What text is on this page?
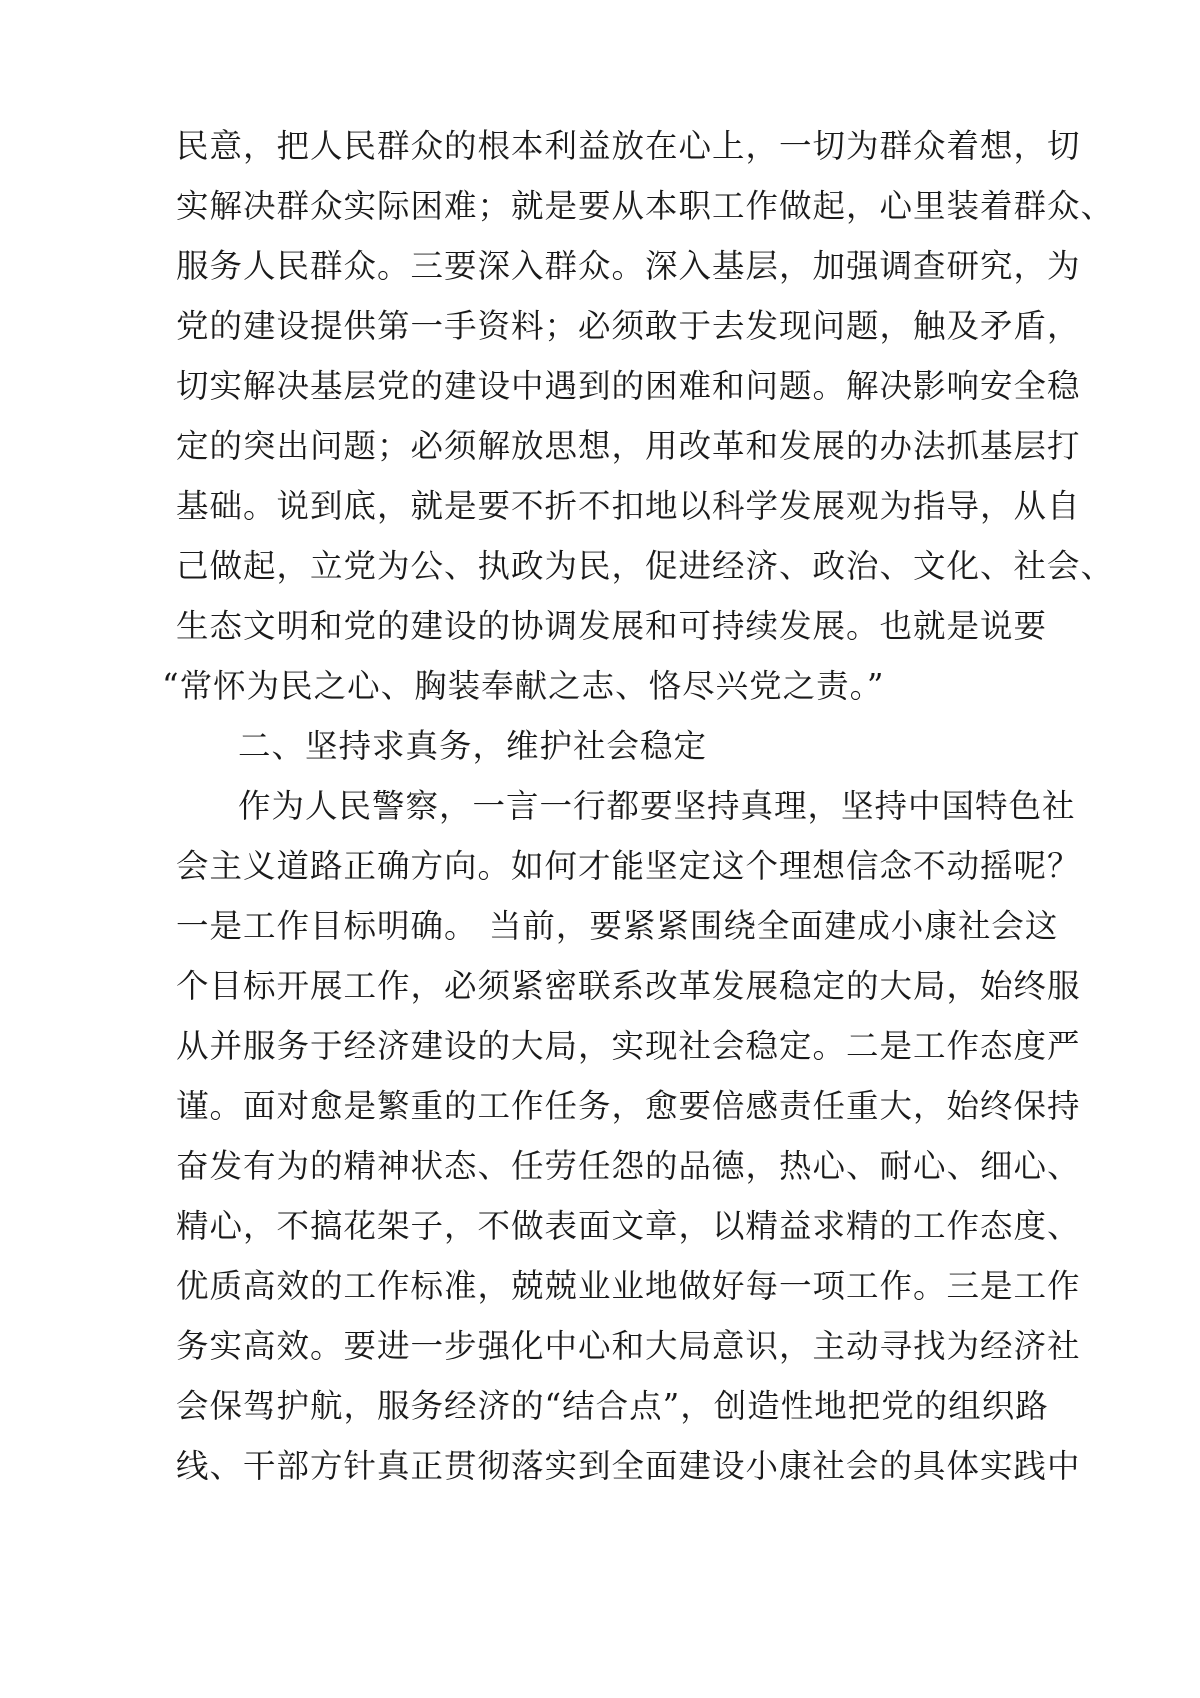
民意，把人民群众的根本利益放在心上，一切为群众着想，切
实解决群众实际困难；就是要从本职工作做起，心里装着群众、
服务人民群众。三要深入群众。深入基层，加强调查研究，为
党的建设提供第一手资料；必须敢于去发现问题，触及矛盾，
切实解决基层党的建设中遇到的困难和问题。解决影响安全稳
定的突出问题；必须解放思想，用改革和发展的办法抓基层打
基础。说到底，就是要不折不扣地以科学发展观为指导，从自
己做起，立党为公、执政为民，促进经济、政治、文化、社会、
生态文明和党的建设的协调发展和可持续发展。也就是说要
“常怀为民之心、胸装奉献之志、恪尽兴党之责。”
二、坚持求真务，维护社会稳定
作为人民警察，一言一行都要坚持真理，坚持中国特色社
会主义道路正确方向。如何才能坚定这个理想信念不动摇呢？
一是工作目标明确。 当前，要紧紧围绕全面建成小康社会这
个目标开展工作，必须紧密联系改革发展稳定的大局，始终服
从并服务于经济建设的大局，实现社会稳定。二是工作态度严
谨。面对愈是繁重的工作任务，愈要倍感责任重大，始终保持
奋发有为的精神状态、任劳任怨的品德，热心、耐心、细心、
精心，不搞花架子，不做表面文章，以精益求精的工作态度、
优质高效的工作标准，兢兢业业地做好每一项工作。三是工作
务实高效。要进一步强化中心和大局意识，主动寻找为经济社
会保驾护航，服务经济的“结合点”，创造性地把党的组织路
线、干部方针真正贯彻落实到全面建设小康社会的具体实践中
